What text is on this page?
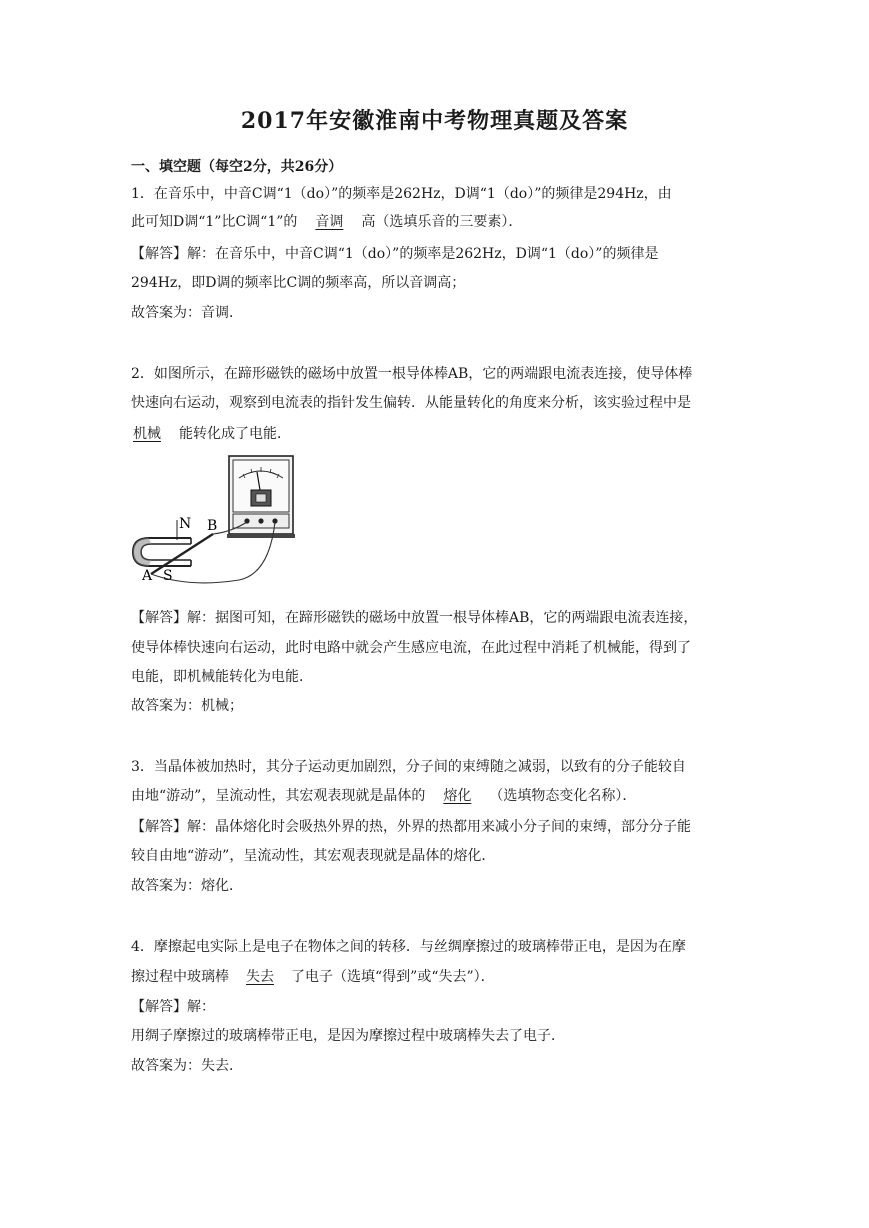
2017年安徽淮南中考物理真题及答案
一、填空题（每空2分，共26分）
1．在音乐中，中音C调“1（do）”的频率是262Hz，D调“1（do）”的频律是294Hz，由
此可知D调“1”比C调“1”的 音调 高（选填乐音的三要素）．
【解答】解：在音乐中，中音C调“1（do）”的频率是262Hz，D调“1（do）”的频律是
294Hz，即D调的频率比C调的频率高，所以音调高；
故答案为：音调．
2．如图所示，在蹄形磁铁的磁场中放置一根导体棒AB，它的两端跟电流表连接，使导体棒
快速向右运动，观察到电流表的指针发生偏转．从能量转化的角度来分析，该实验过程中是
机械 能转化成了电能．
N B
A S
【解答】解：据图可知，在蹄形磁铁的磁场中放置一根导体棒AB，它的两端跟电流表连接，
使导体棒快速向右运动，此时电路中就会产生感应电流，在此过程中消耗了机械能，得到了
电能，即机械能转化为电能．
故答案为：机械；
3．当晶体被加热时，其分子运动更加剧烈，分子间的束缚随之减弱，以致有的分子能较自
由地“游动”，呈流动性，其宏观表现就是晶体的 熔化 （选填物态变化名称）．
【解答】解：晶体熔化时会吸热外界的热，外界的热都用来减小分子间的束缚，部分分子能
较自由地“游动”，呈流动性，其宏观表现就是晶体的熔化．
故答案为：熔化．
4．摩擦起电实际上是电子在物体之间的转移．与丝绸摩擦过的玻璃棒带正电，是因为在摩
擦过程中玻璃棒 失去 了电子（选填“得到”或“失去”）．
【解答】解：
用绸子摩擦过的玻璃棒带正电，是因为摩擦过程中玻璃棒失去了电子．
故答案为：失去．
